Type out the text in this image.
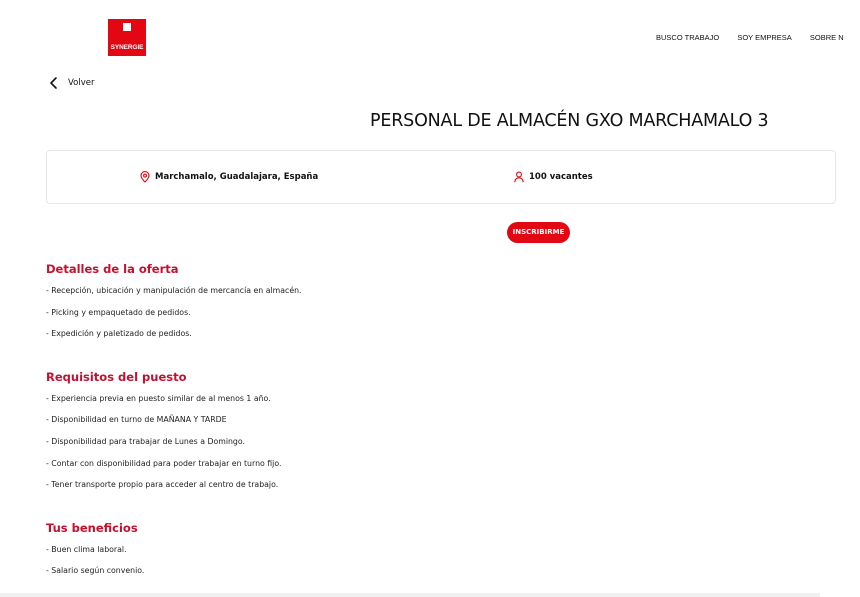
SYNERGIE
BUSCO TRABAJO SOY EMPRESA SOBRE N
Volver
PERSONAL DE ALMACÉN GXO MARCHAMALO 3
Marchamalo, Guadalajara, España	100 vacantes
INSCRIBIRME
Detalles de la oferta

- Recepción, ubicación y manipulación de mercancía en almacén.

- Picking y empaquetado de pedidos.

- Expedición y paletizado de pedidos.

Requisitos del puesto

- Experiencia previa en puesto similar de al menos 1 año.

- Disponibilidad en turno de MAÑANA Y TARDE

- Disponibilidad para trabajar de Lunes a Domingo.

- Contar con disponibilidad para poder trabajar en turno fijo.

- Tener transporte propio para acceder al centro de trabajo.

Tus beneficios

- Buen clima laboral.

- Salario según convenio.
